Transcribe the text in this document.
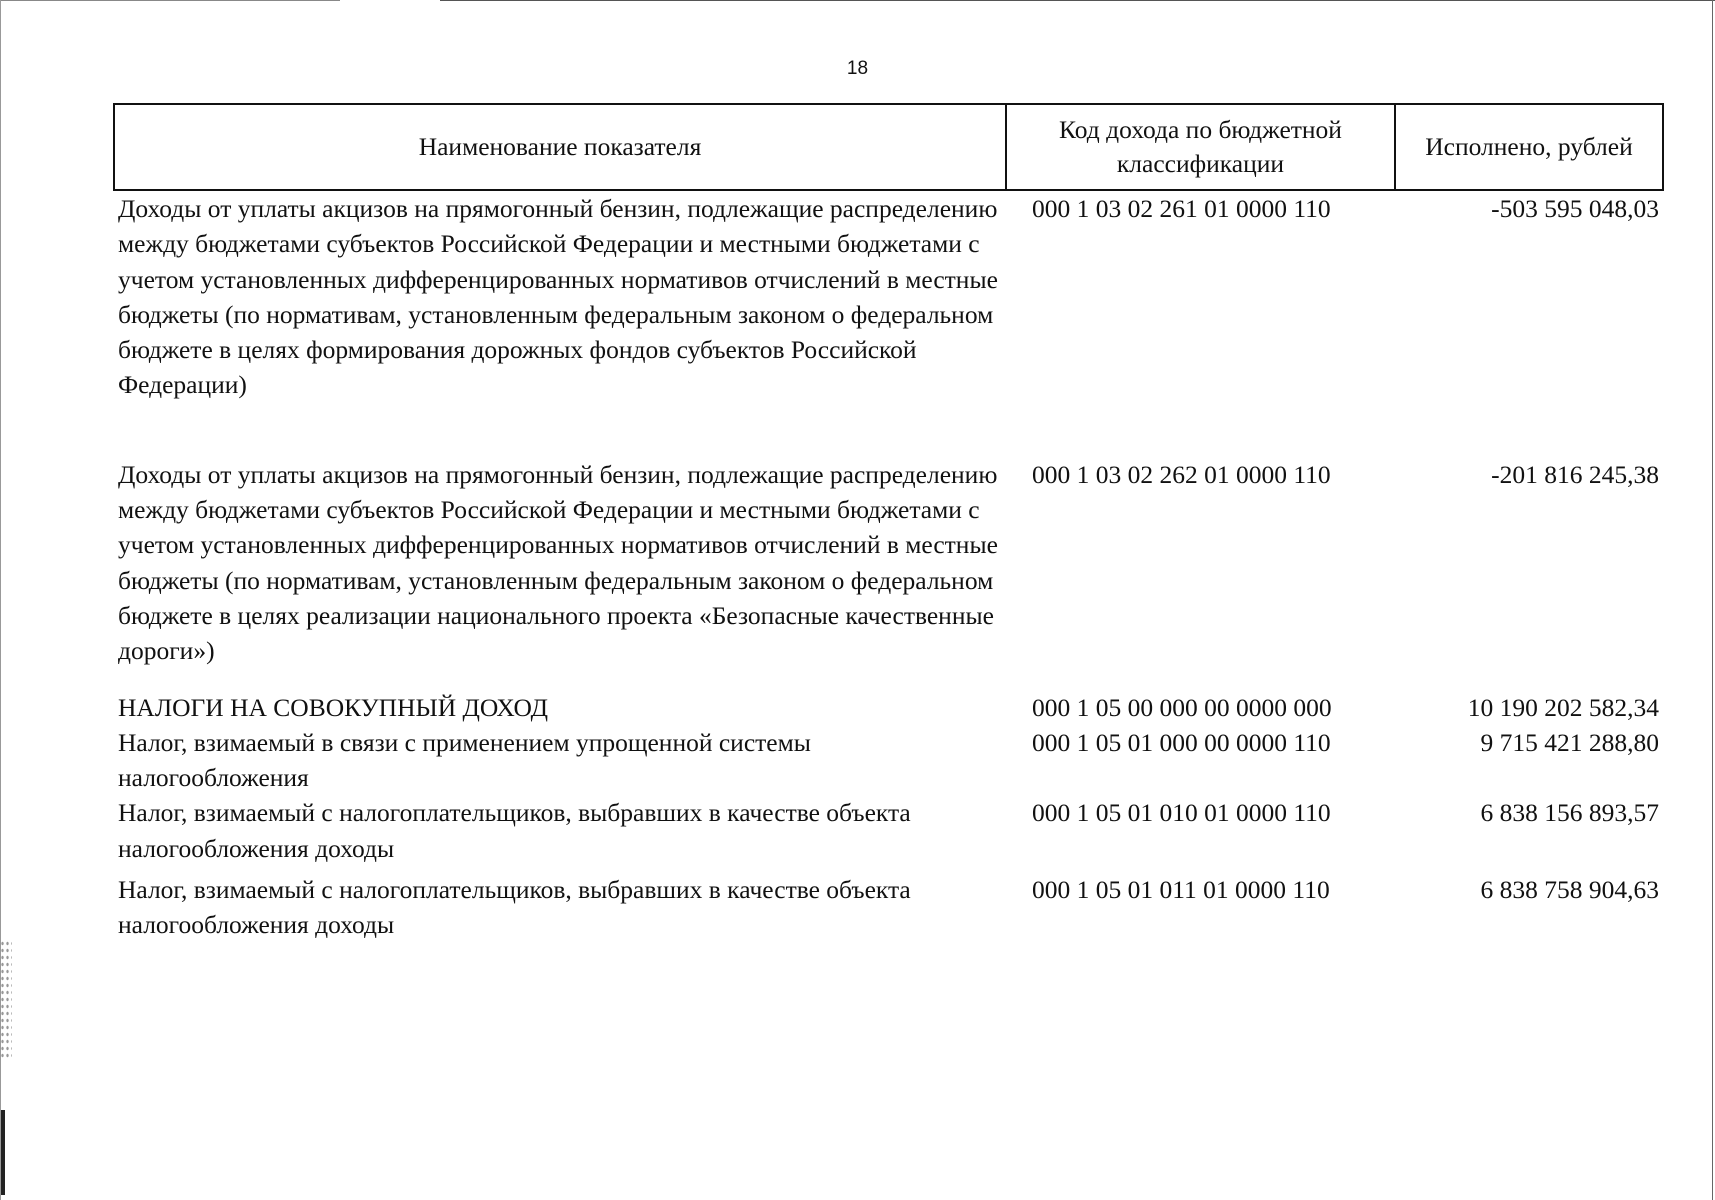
18
Наименование показателя	Код дохода по бюджетной классификации	Исполнено, рублей
Доходы от уплаты акцизов на прямогонный бензин, подлежащие распределению между бюджетами субъектов Российской Федерации и местными бюджетами с учетом установленных дифференцированных нормативов отчислений в местные бюджеты (по нормативам, установленным федеральным законом о федеральном бюджете в целях формирования дорожных фондов субъектов Российской Федерации)	000 1 03 02 261 01 0000 110	-503 595 048,03
Доходы от уплаты акцизов на прямогонный бензин, подлежащие распределению между бюджетами субъектов Российской Федерации и местными бюджетами с учетом установленных дифференцированных нормативов отчислений в местные бюджеты (по нормативам, установленным федеральным законом о федеральном бюджете в целях реализации национального проекта «Безопасные качественные дороги»)	000 1 03 02 262 01 0000 110	-201 816 245,38
НАЛОГИ НА СОВОКУПНЫЙ ДОХОД	000 1 05 00 000 00 0000 000	10 190 202 582,34
Налог, взимаемый в связи с применением упрощенной системы налогообложения	000 1 05 01 000 00 0000 110	9 715 421 288,80
Налог, взимаемый с налогоплательщиков, выбравших в качестве объекта налогообложения доходы	000 1 05 01 010 01 0000 110	6 838 156 893,57
Налог, взимаемый с налогоплательщиков, выбравших в качестве объекта налогообложения доходы	000 1 05 01 011 01 0000 110	6 838 758 904,63
